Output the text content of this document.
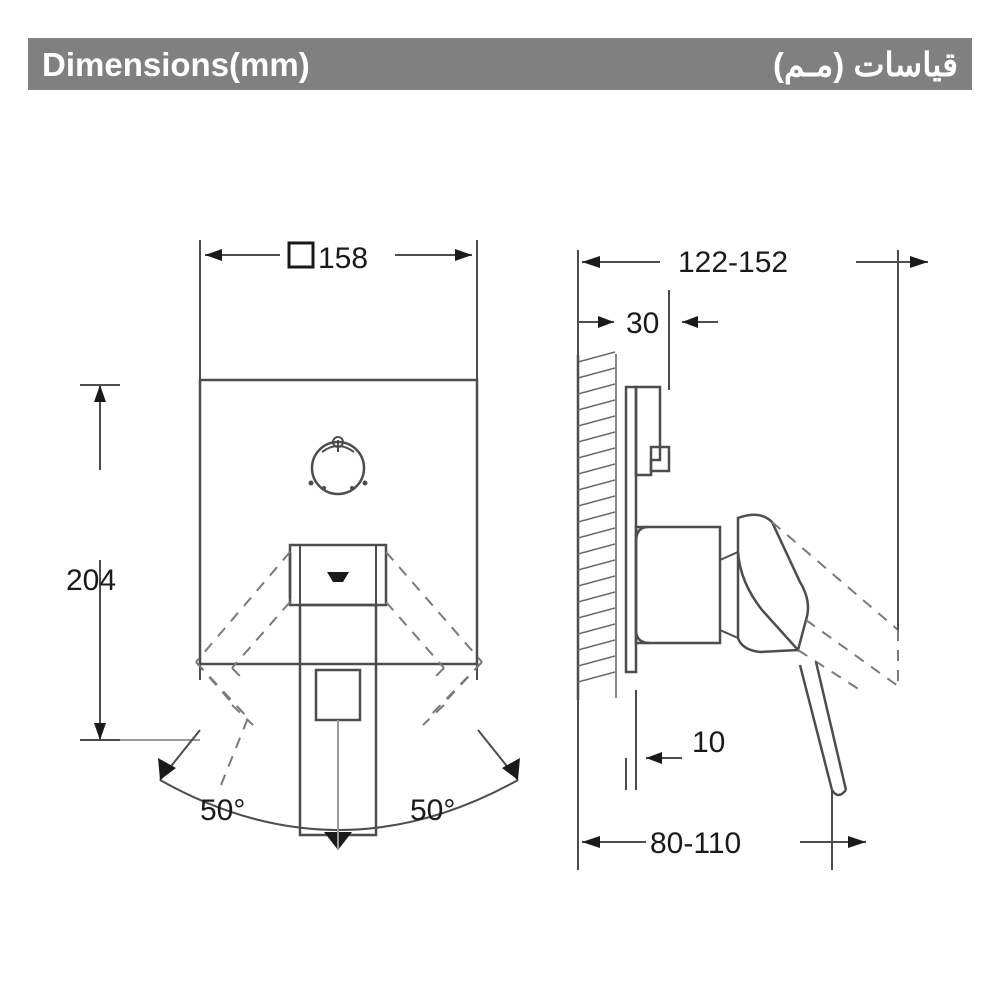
Dimensions(mm)	قياسات (مـم)
158
204
50°	50°
122-152
30
10
80-110
